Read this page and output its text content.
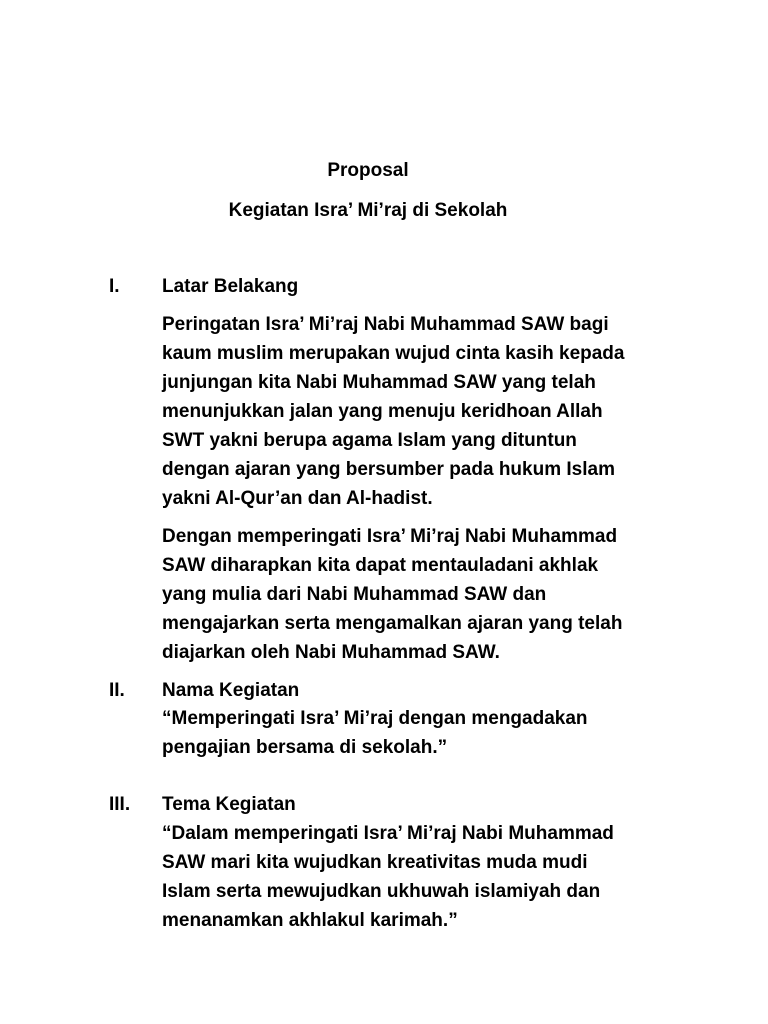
Proposal
Kegiatan Isra’ Mi’raj di Sekolah
I. Latar Belakang
Peringatan Isra’ Mi’raj Nabi Muhammad SAW bagi
kaum muslim merupakan wujud cinta kasih kepada
junjungan kita Nabi Muhammad SAW yang telah
menunjukkan jalan yang menuju keridhoan Allah
SWT yakni berupa agama Islam yang dituntun
dengan ajaran yang bersumber pada hukum Islam
yakni Al-Qur’an dan Al-hadist.
Dengan memperingati Isra’ Mi’raj Nabi Muhammad
SAW diharapkan kita dapat mentauladani akhlak
yang mulia dari Nabi Muhammad SAW dan
mengajarkan serta mengamalkan ajaran yang telah
diajarkan oleh Nabi Muhammad SAW.
II. Nama Kegiatan
“Memperingati Isra’ Mi’raj dengan mengadakan
pengajian bersama di sekolah.”
III. Tema Kegiatan
“Dalam memperingati Isra’ Mi’raj Nabi Muhammad
SAW mari kita wujudkan kreativitas muda mudi
Islam serta mewujudkan ukhuwah islamiyah dan
menanamkan akhlakul karimah.”
